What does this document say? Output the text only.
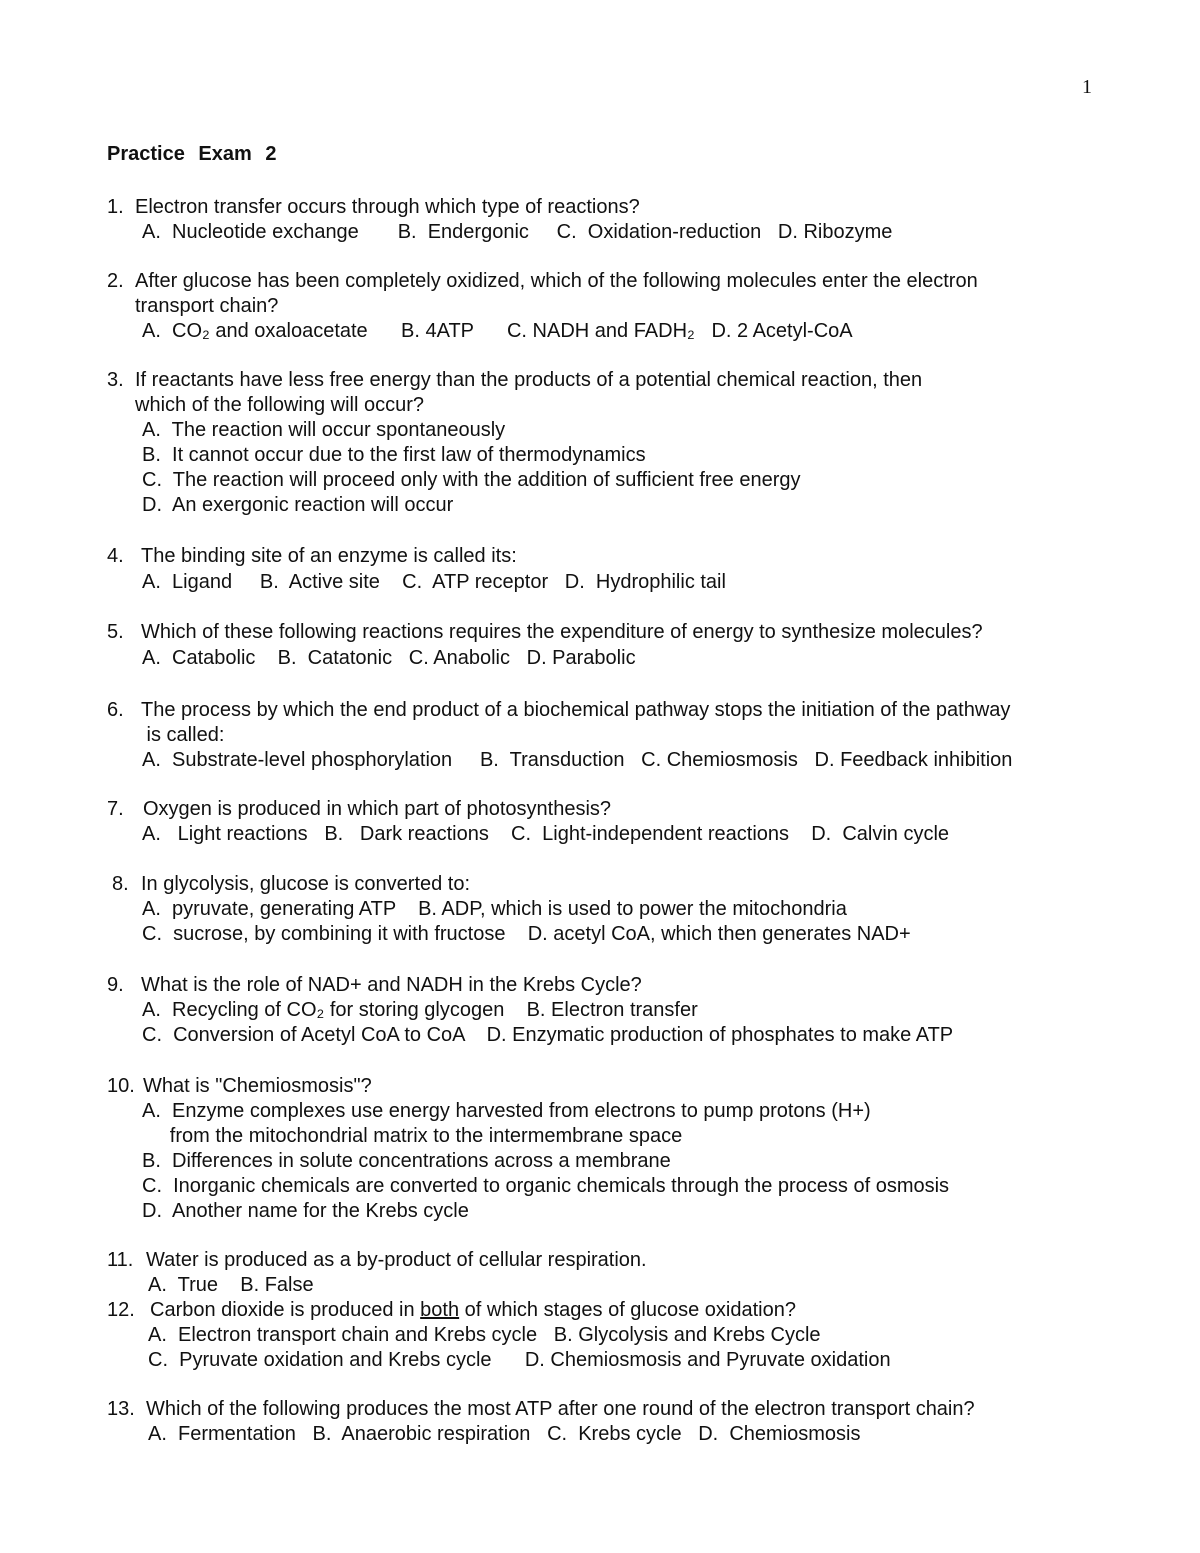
1
Practice Exam 2
1. Electron transfer occurs through which type of reactions?
A.  Nucleotide exchange       B.  Endergonic     C.  Oxidation-reduction   D. Ribozyme
2. After glucose has been completely oxidized, which of the following molecules enter the electron
transport chain?
A.  CO₂ and oxaloacetate      B. 4ATP      C. NADH and FADH₂   D. 2 Acetyl-CoA
3. If reactants have less free energy than the products of a potential chemical reaction, then
which of the following will occur?
A.  The reaction will occur spontaneously
B.  It cannot occur due to the first law of thermodynamics
C.  The reaction will proceed only with the addition of sufficient free energy
D.  An exergonic reaction will occur
4. The binding site of an enzyme is called its:
A.  Ligand     B.  Active site    C.  ATP receptor   D.  Hydrophilic tail
5. Which of these following reactions requires the expenditure of energy to synthesize molecules?
A.  Catabolic    B.  Catatonic   C. Anabolic   D. Parabolic
6. The process by which the end product of a biochemical pathway stops the initiation of the pathway
is called:
A.  Substrate-level phosphorylation     B.  Transduction   C. Chemiosmosis   D. Feedback inhibition
7. Oxygen is produced in which part of photosynthesis?
A.   Light reactions   B.   Dark reactions    C.  Light-independent reactions    D.  Calvin cycle
8. In glycolysis, glucose is converted to:
A.  pyruvate, generating ATP    B. ADP, which is used to power the mitochondria
C.  sucrose, by combining it with fructose    D. acetyl CoA, which then generates NAD+
9. What is the role of NAD+ and NADH in the Krebs Cycle?
A.  Recycling of CO₂ for storing glycogen    B. Electron transfer
C.  Conversion of Acetyl CoA to CoA    D. Enzymatic production of phosphates to make ATP
10. What is "Chemiosmosis"?
A.  Enzyme complexes use energy harvested from electrons to pump protons (H+)
from the mitochondrial matrix to the intermembrane space
B.  Differences in solute concentrations across a membrane
C.  Inorganic chemicals are converted to organic chemicals through the process of osmosis
D.  Another name for the Krebs cycle
11. Water is produced as a by-product of cellular respiration.
A.  True    B. False
12. Carbon dioxide is produced in both of which stages of glucose oxidation?
A.  Electron transport chain and Krebs cycle   B. Glycolysis and Krebs Cycle
C.  Pyruvate oxidation and Krebs cycle      D. Chemiosmosis and Pyruvate oxidation
13. Which of the following produces the most ATP after one round of the electron transport chain?
A.  Fermentation   B.  Anaerobic respiration   C.  Krebs cycle   D.  Chemiosmosis
